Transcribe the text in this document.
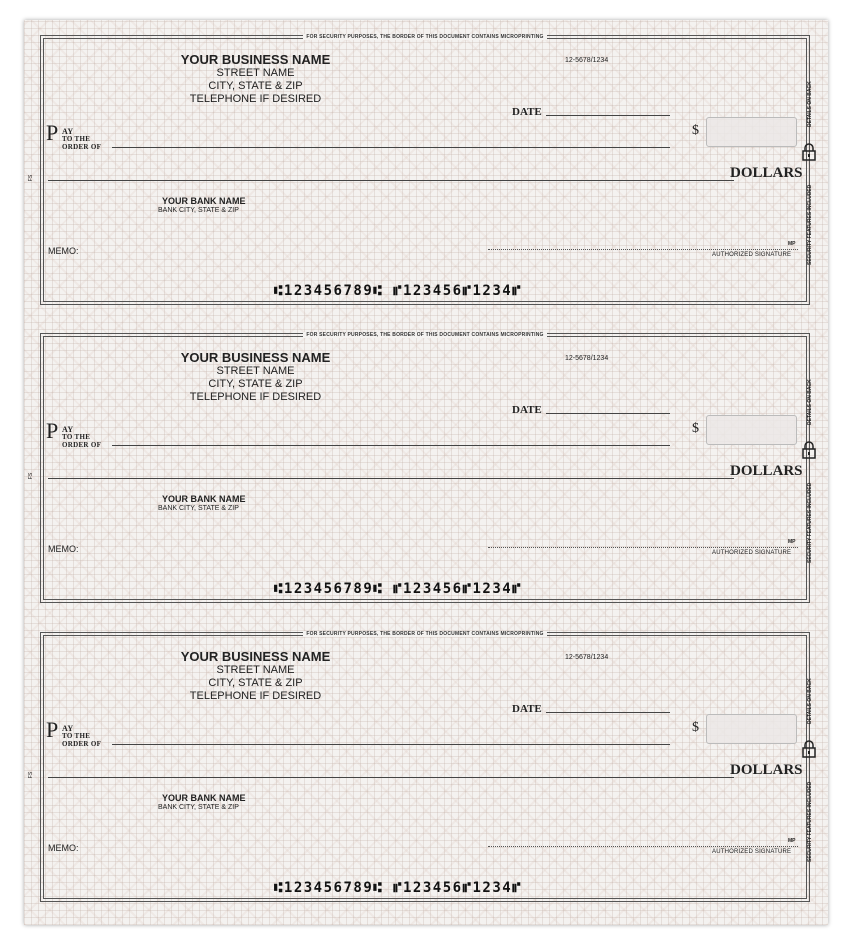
FOR SECURITY PURPOSES, THE BORDER OF THIS DOCUMENT CONTAINS MICROPRINTING
YOUR BUSINESS NAME
STREET NAME
CITY, STATE & ZIP
TELEPHONE IF DESIRED
12-5678/1234
DATE
P AY
TO THE
ORDER OF
$
DOLLARS
FS
YOUR BANK NAME
BANK CITY, STATE & ZIP
MEMO:
MP
AUTHORIZED SIGNATURE
⑆123456789⑆ ⑈123456⑈1234⑈
DETAILS ON BACK
SECURITY FEATURES INCLUDED
FOR SECURITY PURPOSES, THE BORDER OF THIS DOCUMENT CONTAINS MICROPRINTING
YOUR BUSINESS NAME
STREET NAME
CITY, STATE & ZIP
TELEPHONE IF DESIRED
12-5678/1234
DATE
P AY
TO THE
ORDER OF
$
DOLLARS
FS
YOUR BANK NAME
BANK CITY, STATE & ZIP
MEMO:
MP
AUTHORIZED SIGNATURE
⑆123456789⑆ ⑈123456⑈1234⑈
DETAILS ON BACK
SECURITY FEATURES INCLUDED
FOR SECURITY PURPOSES, THE BORDER OF THIS DOCUMENT CONTAINS MICROPRINTING
YOUR BUSINESS NAME
STREET NAME
CITY, STATE & ZIP
TELEPHONE IF DESIRED
12-5678/1234
DATE
P AY
TO THE
ORDER OF
$
DOLLARS
FS
YOUR BANK NAME
BANK CITY, STATE & ZIP
MEMO:
MP
AUTHORIZED SIGNATURE
⑆123456789⑆ ⑈123456⑈1234⑈
DETAILS ON BACK
SECURITY FEATURES INCLUDED
